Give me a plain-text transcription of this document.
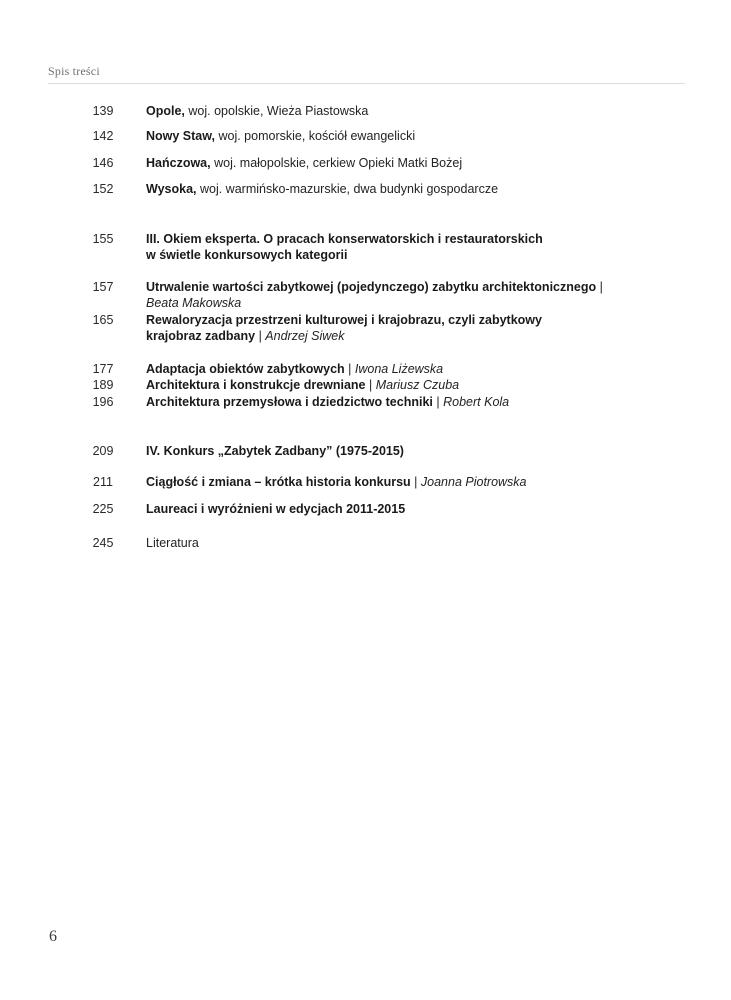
Spis treści
139	Opole, woj. opolskie, Wieża Piastowska
142	Nowy Staw, woj. pomorskie, kościół ewangelicki
146	Hańczowa, woj. małopolskie, cerkiew Opieki Matki Bożej
152	Wysoka, woj. warmińsko-mazurskie, dwa budynki gospodarcze
155	III. Okiem eksperta. O pracach konserwatorskich i restauratorskich
w świetle konkursowych kategorii
157	Utrwalenie wartości zabytkowej (pojedynczego) zabytku architektonicznego |
Beata Makowska
165	Rewaloryzacja przestrzeni kulturowej i krajobrazu, czyli zabytkowy
krajobraz zadbany | Andrzej Siwek
177	Adaptacja obiektów zabytkowych | Iwona Liżewska
189	Architektura i konstrukcje drewniane | Mariusz Czuba
196	Architektura przemysłowa i dziedzictwo techniki | Robert Kola
209	IV. Konkurs „Zabytek Zadbany” (1975-2015)
211	Ciągłość i zmiana – krótka historia konkursu | Joanna Piotrowska
225	Laureaci i wyróżnieni w edycjach 2011-2015
245	Literatura
6
